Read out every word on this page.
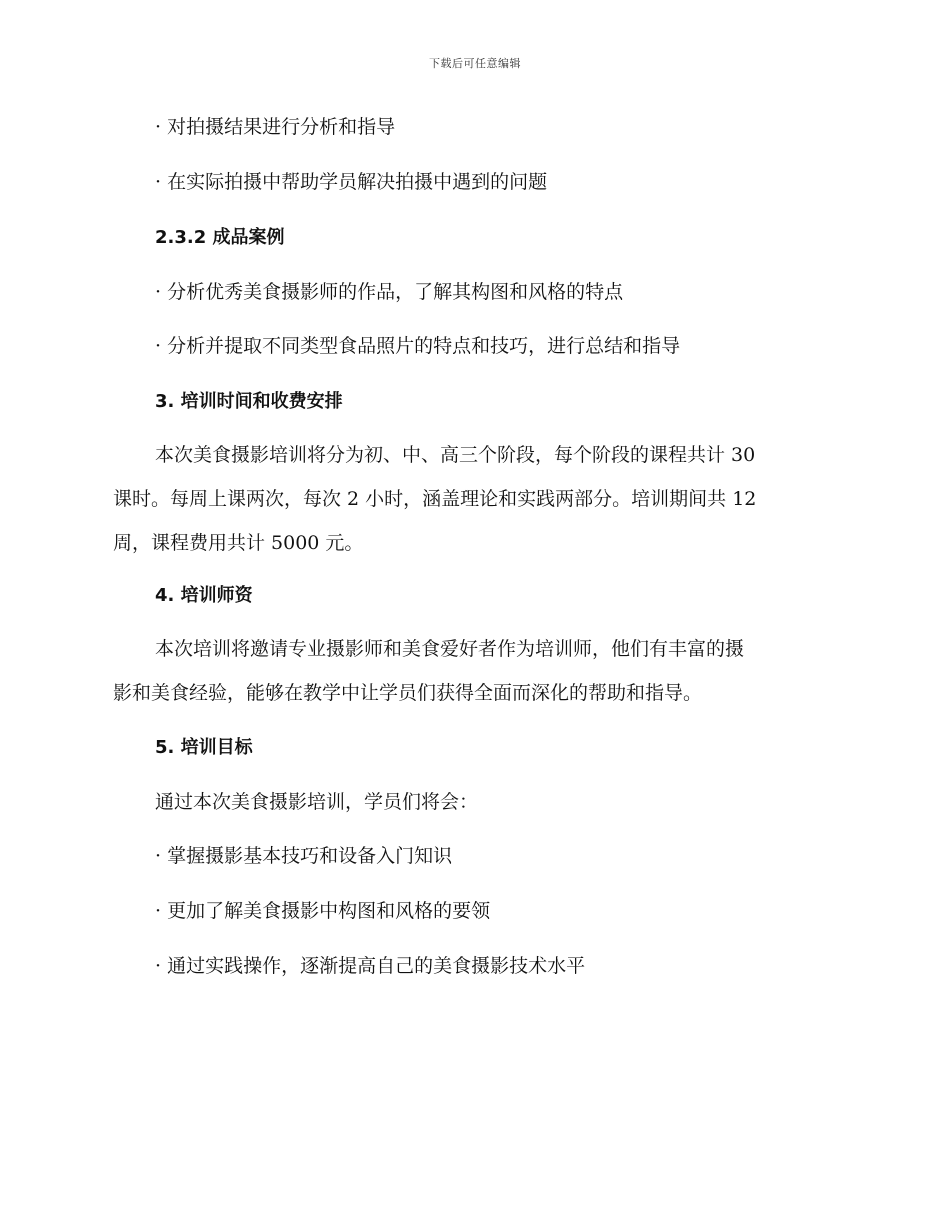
下载后可任意编辑
· 对拍摄结果进行分析和指导
· 在实际拍摄中帮助学员解决拍摄中遇到的问题
2.3.2 成品案例
· 分析优秀美食摄影师的作品，了解其构图和风格的特点
· 分析并提取不同类型食品照片的特点和技巧，进行总结和指导
3. 培训时间和收费安排
本次美食摄影培训将分为初、中、高三个阶段，每个阶段的课程共计 30
课时。每周上课两次，每次 2 小时，涵盖理论和实践两部分。培训期间共 12
周，课程费用共计 5000 元。
4. 培训师资
本次培训将邀请专业摄影师和美食爱好者作为培训师，他们有丰富的摄
影和美食经验，能够在教学中让学员们获得全面而深化的帮助和指导。
5. 培训目标
通过本次美食摄影培训，学员们将会：
· 掌握摄影基本技巧和设备入门知识
· 更加了解美食摄影中构图和风格的要领
· 通过实践操作，逐渐提高自己的美食摄影技术水平
